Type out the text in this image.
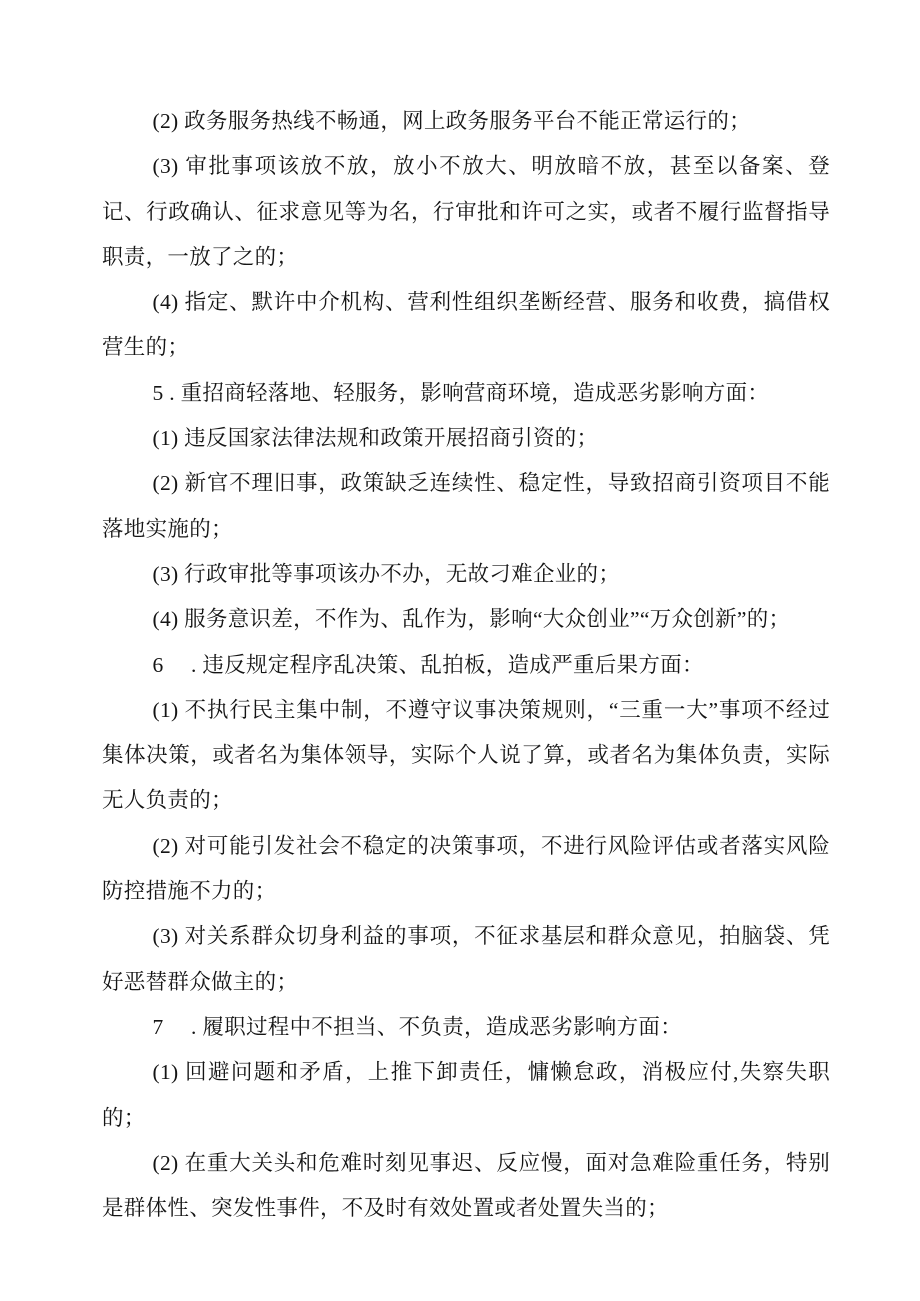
(2) 政务服务热线不畅通，网上政务服务平台不能正常运行的；

(3) 审批事项该放不放，放小不放大、明放暗不放，甚至以备案、登记、行政确认、征求意见等为名，行审批和许可之实，或者不履行监督指导职责，一放了之的；

(4) 指定、默许中介机构、营利性组织垄断经营、服务和收费，搞借权营生的；

5 . 重招商轻落地、轻服务，影响营商环境，造成恶劣影响方面：

(1) 违反国家法律法规和政策开展招商引资的；

(2) 新官不理旧事，政策缺乏连续性、稳定性，导致招商引资项目不能落地实施的；

(3) 行政审批等事项该办不办，无故刁难企业的；

(4) 服务意识差，不作为、乱作为，影响“大众创业”“万众创新”的；

6　 . 违反规定程序乱决策、乱拍板，造成严重后果方面：

(1) 不执行民主集中制，不遵守议事决策规则，“三重一大”事项不经过集体决策，或者名为集体领导，实际个人说了算，或者名为集体负责，实际无人负责的；

(2) 对可能引发社会不稳定的决策事项，不进行风险评估或者落实风险防控措施不力的；

(3) 对关系群众切身利益的事项，不征求基层和群众意见，拍脑袋、凭好恶替群众做主的；

7　 . 履职过程中不担当、不负责，造成恶劣影响方面：

(1) 回避问题和矛盾，上推下卸责任，慵懒怠政，消极应付,失察失职的；

(2) 在重大关头和危难时刻见事迟、反应慢，面对急难险重任务，特别是群体性、突发性事件，不及时有效处置或者处置失当的；
